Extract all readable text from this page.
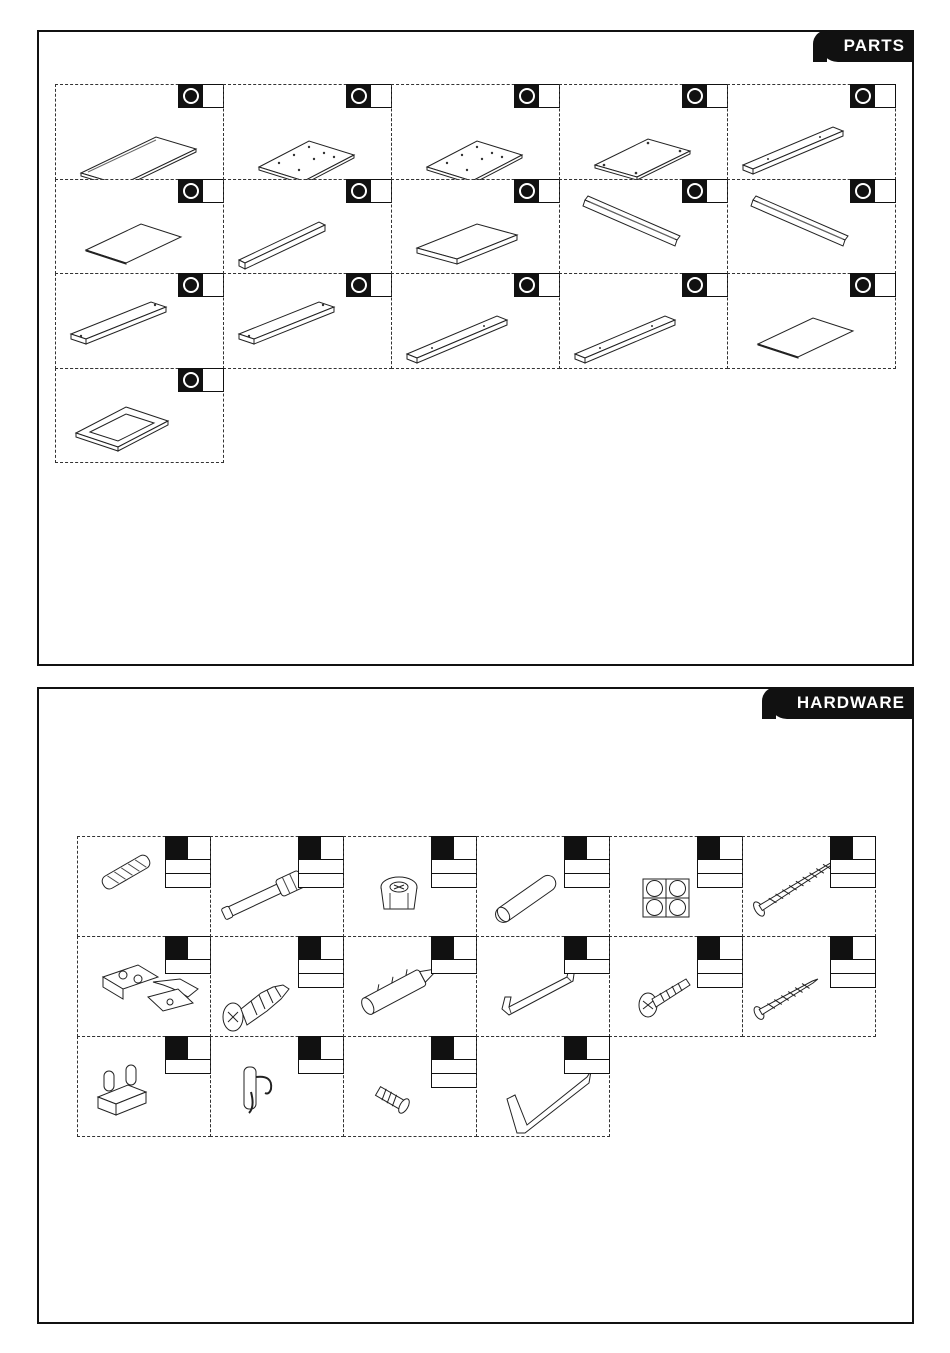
PARTS
HARDWARE
